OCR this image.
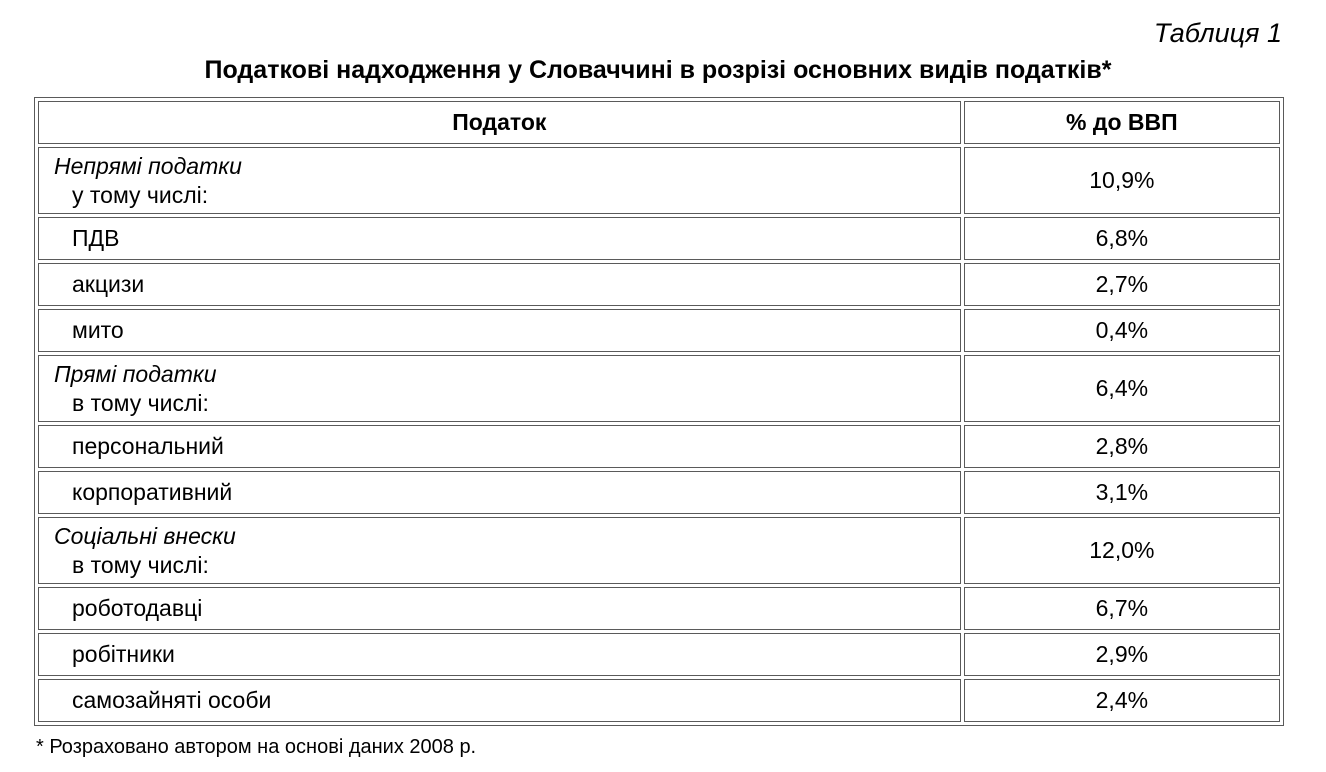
Таблиця 1
Податкові надходження у Словаччині в розрізі основних видів податків*
Податок	% до ВВП

Непрямі податки
у тому числі:	10,9%
ПДВ	6,8%
акцизи	2,7%
мито	0,4%

Прямі податки
в тому числі:	6,4%
персональний	2,8%
корпоративний	3,1%

Соціальні внески
в тому числі:	12,0%
роботодавці	6,7%
робітники	2,9%
самозайняті особи	2,4%
* Розраховано автором на основі даних 2008 р.
